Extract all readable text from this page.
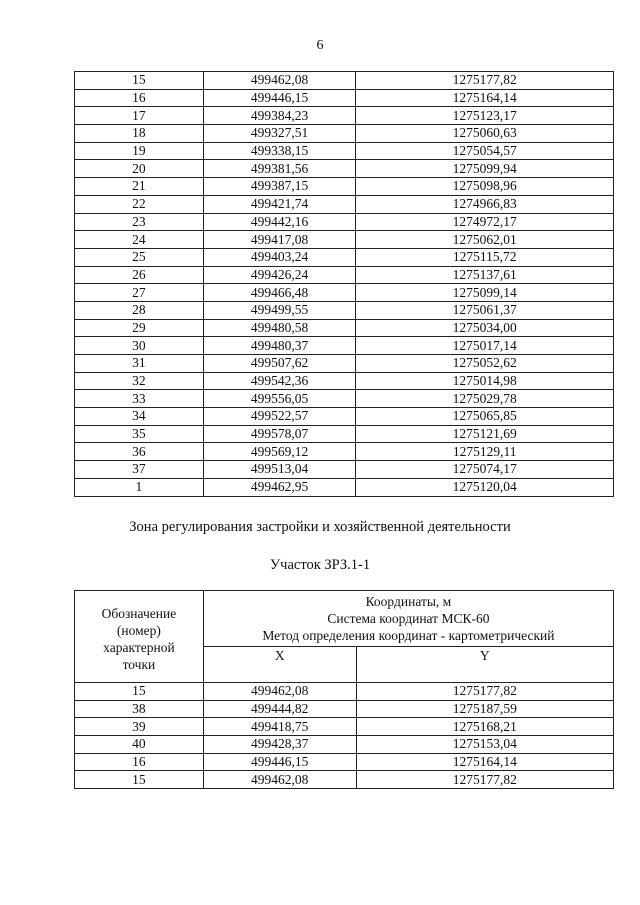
6
15	499462,08	1275177,82
16	499446,15	1275164,14
17	499384,23	1275123,17
18	499327,51	1275060,63
19	499338,15	1275054,57
20	499381,56	1275099,94
21	499387,15	1275098,96
22	499421,74	1274966,83
23	499442,16	1274972,17
24	499417,08	1275062,01
25	499403,24	1275115,72
26	499426,24	1275137,61
27	499466,48	1275099,14
28	499499,55	1275061,37
29	499480,58	1275034,00
30	499480,37	1275017,14
31	499507,62	1275052,62
32	499542,36	1275014,98
33	499556,05	1275029,78
34	499522,57	1275065,85
35	499578,07	1275121,69
36	499569,12	1275129,11
37	499513,04	1275074,17
1	499462,95	1275120,04
Зона регулирования застройки и хозяйственной деятельности
Участок ЗРЗ.1-1
Обозначение
(номер)
характерной
точки	Координаты, м
Система координат МСК-60
Метод определения координат - картометрический	

	X	Y
15	499462,08	1275177,82
38	499444,82	1275187,59
39	499418,75	1275168,21
40	499428,37	1275153,04
16	499446,15	1275164,14
15	499462,08	1275177,82
